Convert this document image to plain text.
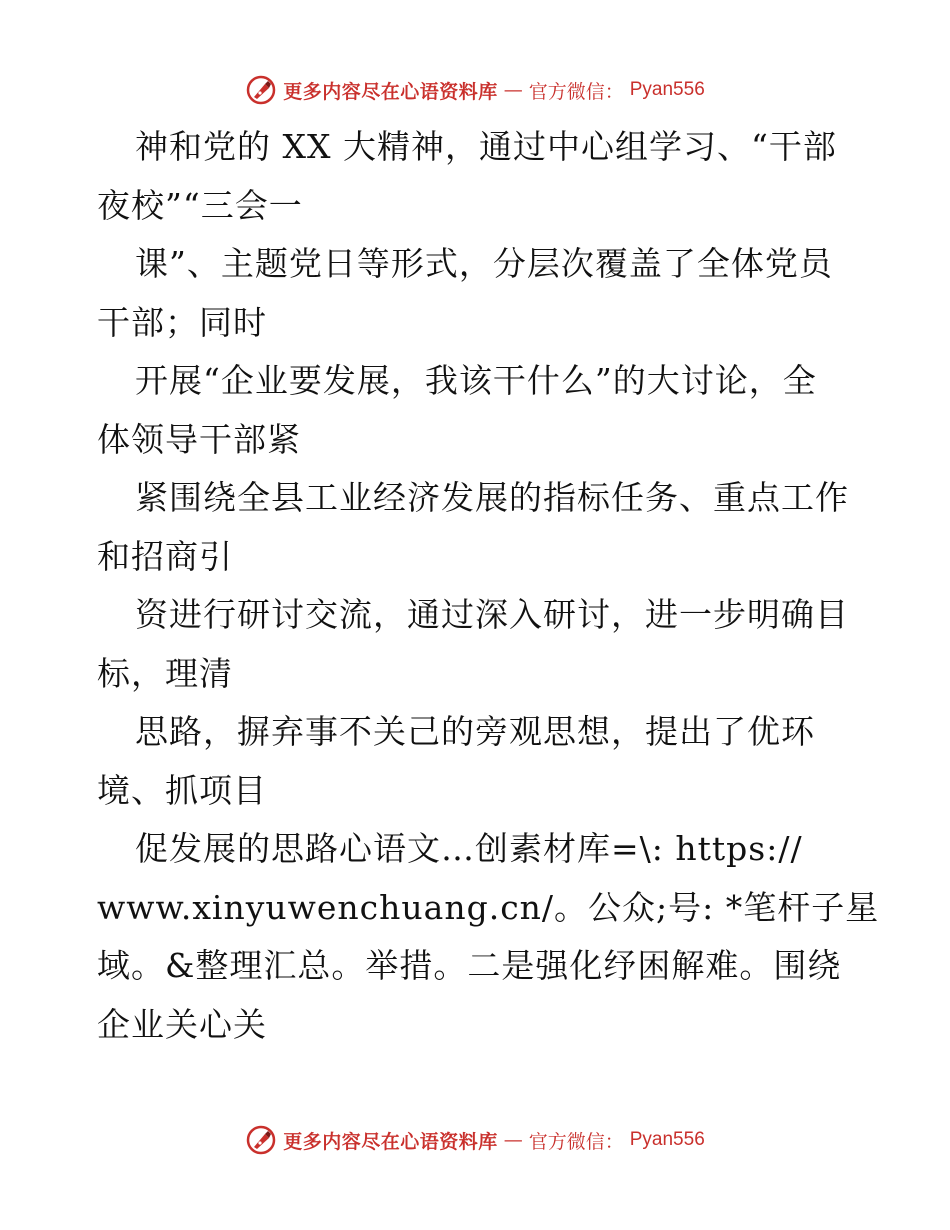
更多内容尽在心语资料库 — 官方微信： Pyan556
神和党的 XX 大精神，通过中心组学习、“干部
夜校”“三会一
课”、主题党日等形式，分层次覆盖了全体党员
干部；同时
开展“企业要发展，我该干什么”的大讨论，全
体领导干部紧
紧围绕全县工业经济发展的指标任务、重点工作
和招商引
资进行研讨交流，通过深入研讨，进一步明确目
标，理清
思路，摒弃事不关己的旁观思想，提出了优环
境、抓项目
促发展的思路心语文…创素材库=\: https://
www.xinyuwenchuang.cn/。公众;号: *笔杆子星
域。&整理汇总。举措。二是强化纾困解难。围绕
企业关心关
更多内容尽在心语资料库 — 官方微信： Pyan556
